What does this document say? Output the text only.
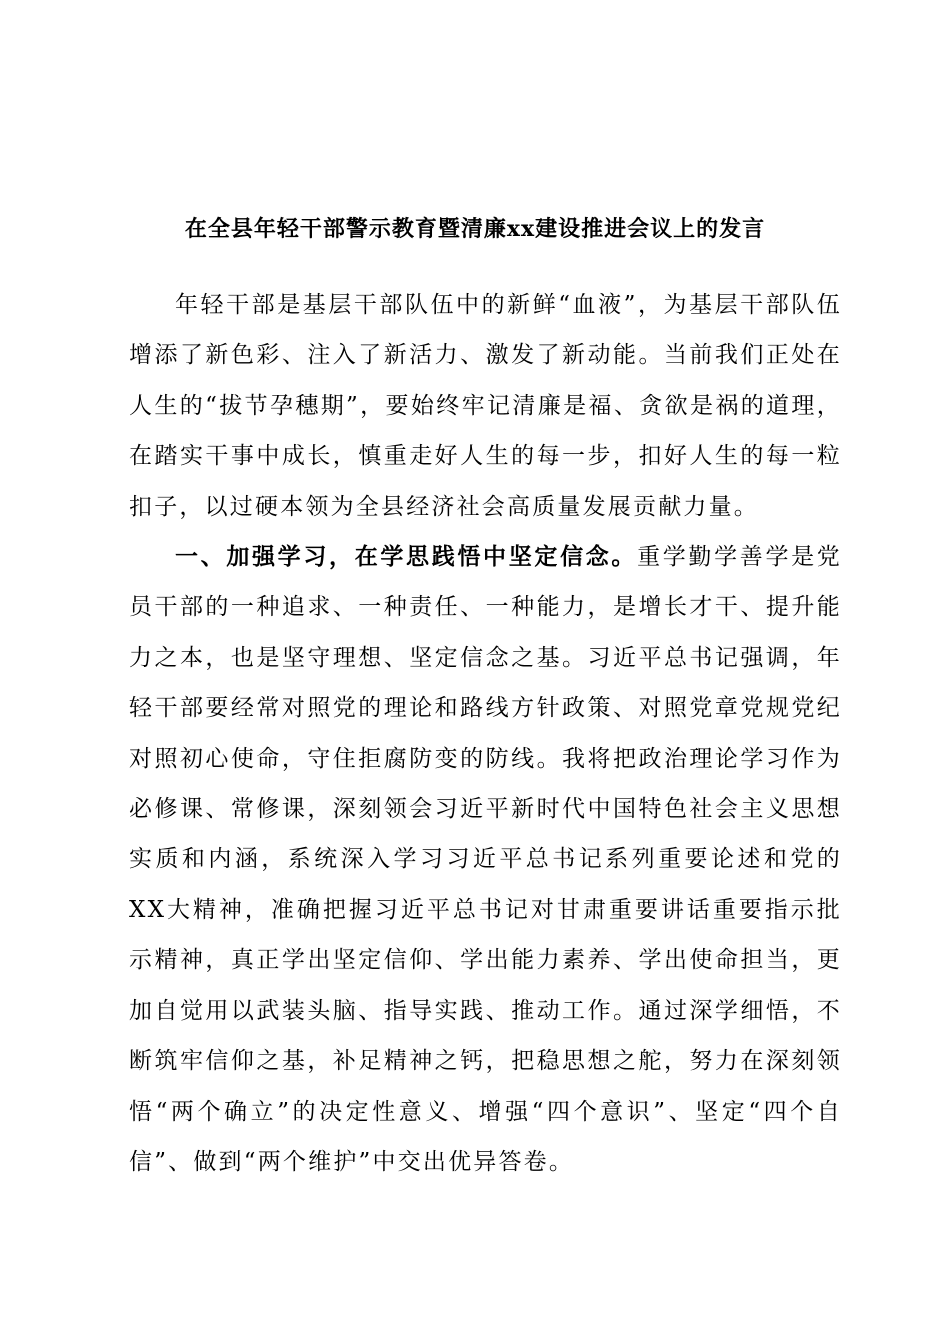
在全县年轻干部警示教育暨清廉xx建设推进会议上的发言

年轻干部是基层干部队伍中的新鲜“血液”，为基层干部队伍增添了新色彩、注入了新活力、激发了新动能。当前我们正处在人生的“拔节孕穗期”，要始终牢记清廉是福、贪欲是祸的道理，在踏实干事中成长，慎重走好人生的每一步，扣好人生的每一粒扣子，以过硬本领为全县经济社会高质量发展贡献力量。

一、加强学习，在学思践悟中坚定信念。重学勤学善学是党员干部的一种追求、一种责任、一种能力，是增长才干、提升能力之本，也是坚守理想、坚定信念之基。习近平总书记强调，年轻干部要经常对照党的理论和路线方针政策、对照党章党规党纪对照初心使命，守住拒腐防变的防线。我将把政治理论学习作为必修课、常修课，深刻领会习近平新时代中国特色社会主义思想实质和内涵，系统深入学习习近平总书记系列重要论述和党的XX大精神，准确把握习近平总书记对甘肃重要讲话重要指示批示精神，真正学出坚定信仰、学出能力素养、学出使命担当，更加自觉用以武装头脑、指导实践、推动工作。通过深学细悟，不断筑牢信仰之基，补足精神之钙，把稳思想之舵，努力在深刻领悟“两个确立”的决定性意义、增强“四个意识”、坚定“四个自信”、做到“两个维护”中交出优异答卷。
